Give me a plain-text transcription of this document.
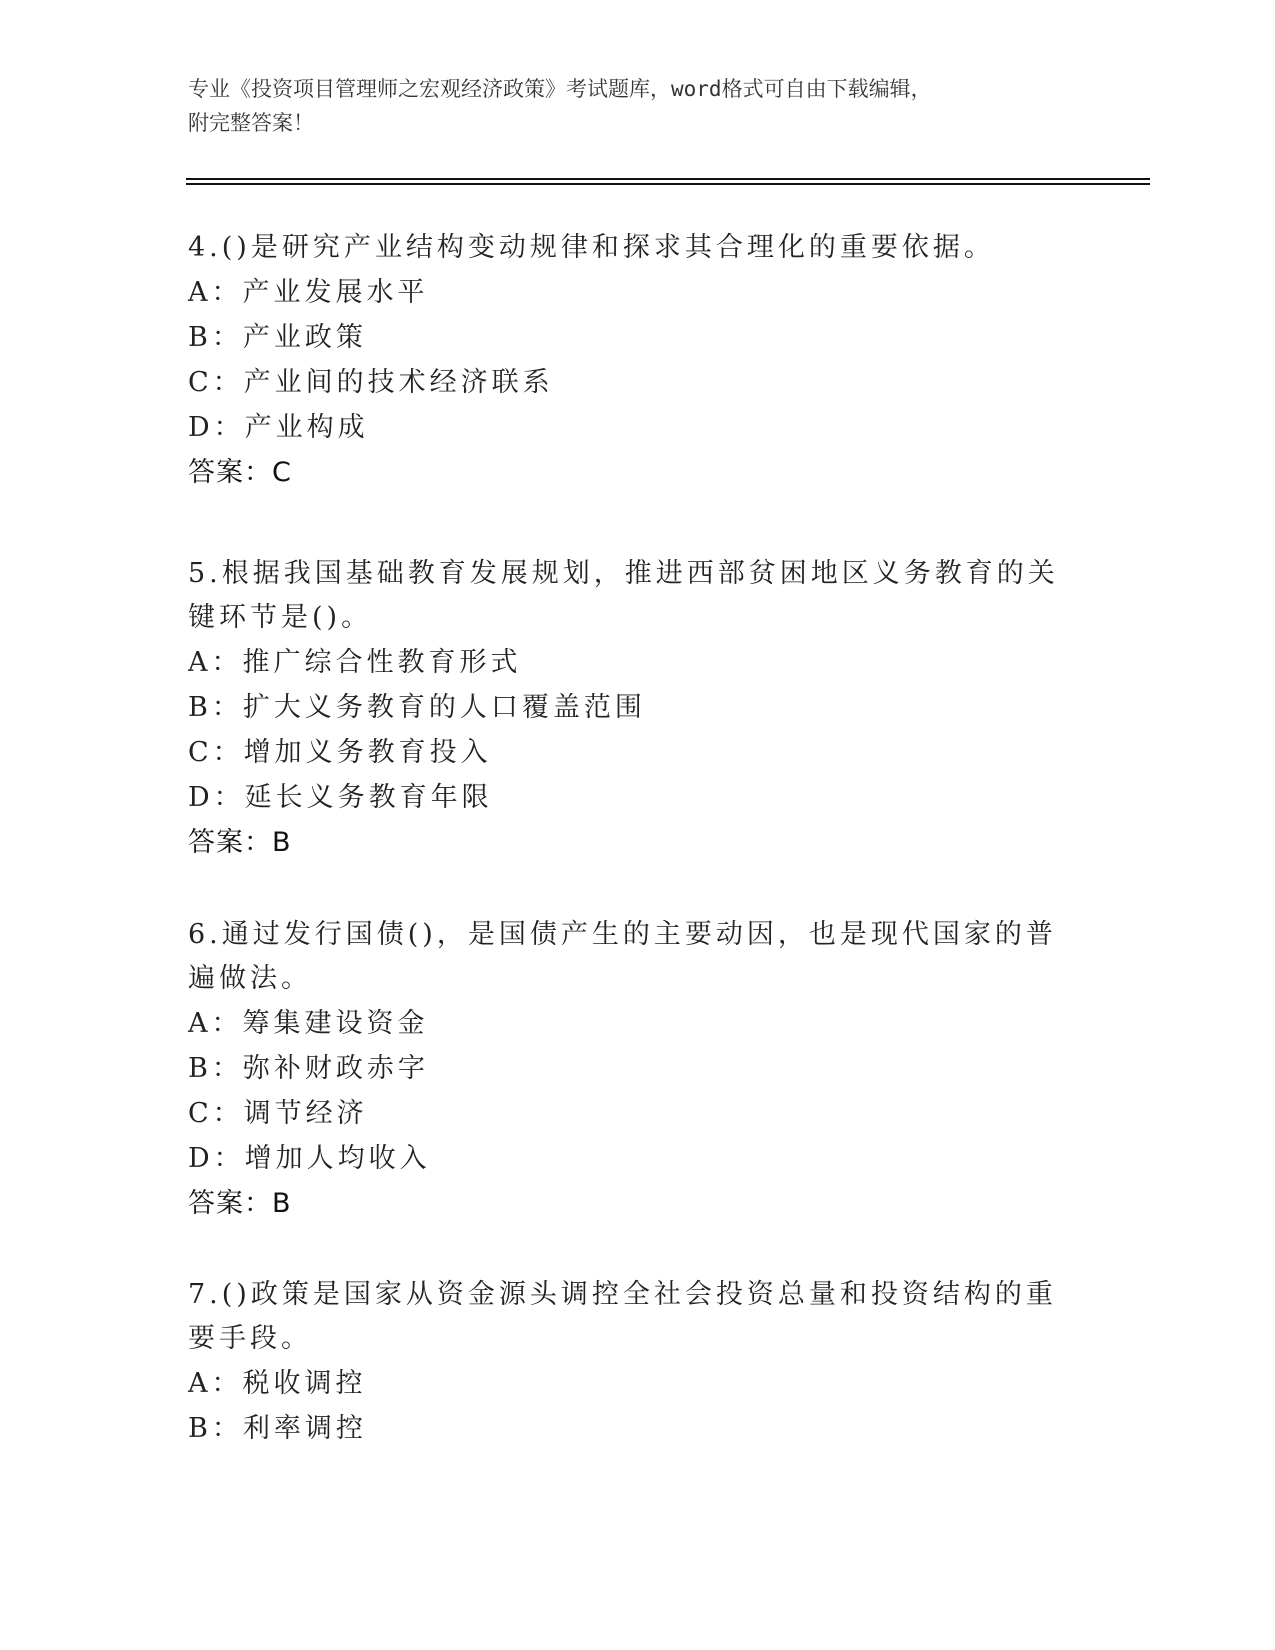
专业《投资项目管理师之宏观经济政策》考试题库，word格式可自由下载编辑，
附完整答案！

4.()是研究产业结构变动规律和探求其合理化的重要依据。

A：产业发展水平

B：产业政策

C：产业间的技术经济联系

D：产业构成

答案：C

5.根据我国基础教育发展规划，推进西部贫困地区义务教育的关键环节是()。

A：推广综合性教育形式

B：扩大义务教育的人口覆盖范围

C：增加义务教育投入

D：延长义务教育年限

答案：B

6.通过发行国债()，是国债产生的主要动因，也是现代国家的普遍做法。

A：筹集建设资金

B：弥补财政赤字

C：调节经济

D：增加人均收入

答案：B

7.()政策是国家从资金源头调控全社会投资总量和投资结构的重要手段。

A：税收调控

B：利率调控
